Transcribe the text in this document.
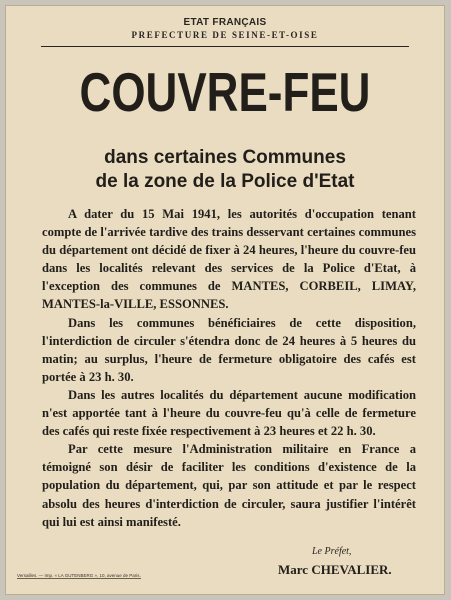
ETAT FRANÇAIS
PREFECTURE DE SEINE-ET-OISE
COUVRE-FEU
dans certaines Communes
de la zone de la Police d'Etat

A dater du 15 Mai 1941, les autorités d'occupation tenant compte de l'arrivée tardive des trains desservant certaines communes du département ont décidé de fixer à 24 heures, l'heure du couvre-feu dans les localités relevant des services de la Police d'Etat, à l'exception des communes de MANTES, CORBEIL, LIMAY, MANTES-la-VILLE, ESSONNES.

Dans les communes bénéficiaires de cette disposition, l'interdiction de circuler s'étendra donc de 24 heures à 5 heures du matin; au surplus, l'heure de fermeture obligatoire des cafés est portée à 23 h. 30.

Dans les autres localités du département aucune modification n'est apportée tant à l'heure du couvre-feu qu'à celle de fermeture des cafés qui reste fixée respectivement à 23 heures et 22 h. 30.

Par cette mesure l'Administration militaire en France a témoigné son désir de faciliter les conditions d'existence de la population du département, qui, par son attitude et par le respect absolu des heures d'interdiction de circuler, saura justifier l'intérêt qui lui est ainsi manifesté.

Le Préfet,
Marc CHEVALIER.
Versailles. — Imp. « LA GUTENBERG », 10, avenue de Paris.
